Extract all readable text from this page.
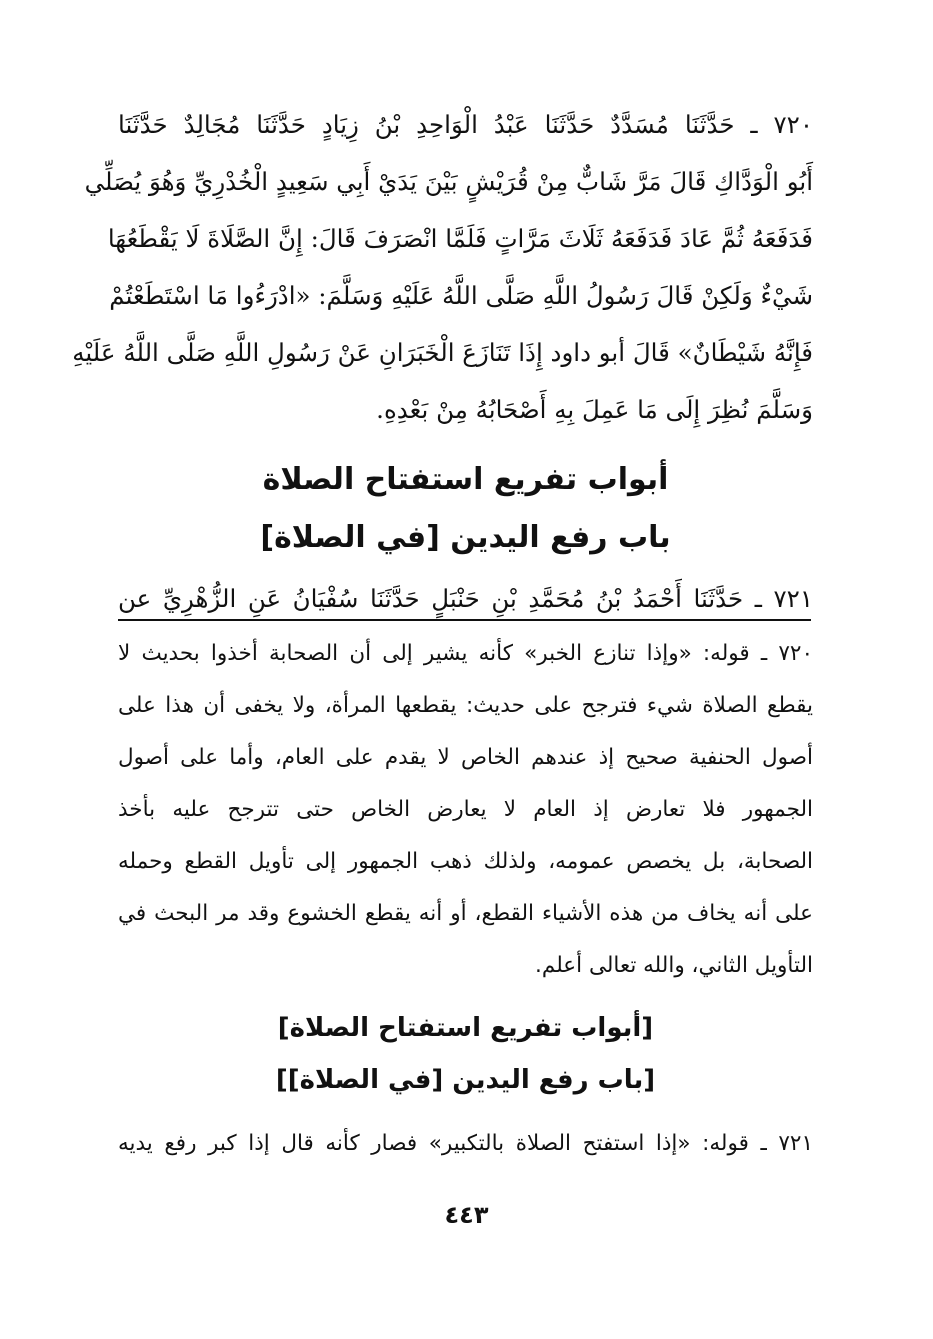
٧٢٠ ـ حَدَّثَنَا مُسَدَّدٌ حَدَّثَنَا عَبْدُ الْوَاحِدِ بْنُ زِيَادٍ حَدَّثَنَا مُجَالِدٌ حَدَّثَنَا
أَبُو الْوَدَّاكِ قَالَ مَرَّ شَابٌّ مِنْ قُرَيْشٍ بَيْنَ يَدَيْ أَبِي سَعِيدٍ الْخُدْرِيِّ وَهُوَ يُصَلِّي
فَدَفَعَهُ ثُمَّ عَادَ فَدَفَعَهُ ثَلَاثَ مَرَّاتٍ فَلَمَّا انْصَرَفَ قَالَ: إِنَّ الصَّلَاةَ لَا يَقْطَعُهَا
شَيْءٌ وَلَكِنْ قَالَ رَسُولُ اللَّهِ صَلَّى اللَّهُ عَلَيْهِ وَسَلَّمَ: «ادْرَءُوا مَا اسْتَطَعْتُمْ
فَإِنَّهُ شَيْطَانٌ» قَالَ أبو داود إِذَا تَنَازَعَ الْخَبَرَانِ عَنْ رَسُولِ اللَّهِ صَلَّى اللَّهُ عَلَيْهِ
وَسَلَّمَ نُظِرَ إِلَى مَا عَمِلَ بِهِ أَصْحَابُهُ مِنْ بَعْدِهِ.
أبواب تفريع استفتاح الصلاة
باب رفع اليدين [في الصلاة]
٧٢١ ـ حَدَّثَنَا أَحْمَدُ بْنُ مُحَمَّدِ بْنِ حَنْبَلٍ حَدَّثَنَا سُفْيَانُ عَنِ الزُّهْرِيِّ عن
٧٢٠ ـ قوله: «وإذا تنازع الخبر» كأنه يشير إلى أن الصحابة أخذوا بحديث لا
يقطع الصلاة شيء فترجح على حديث: يقطعها المرأة، ولا يخفى أن هذا على
أصول الحنفية صحيح إذ عندهم الخاص لا يقدم على العام، وأما على أصول
الجمهور فلا تعارض إذ العام لا يعارض الخاص حتى تترجح عليه بأخذ
الصحابة، بل يخصص عمومه، ولذلك ذهب الجمهور إلى تأويل القطع وحمله
على أنه يخاف من هذه الأشياء القطع، أو أنه يقطع الخشوع وقد مر البحث في
التأويل الثاني، والله تعالى أعلم.
[أبواب تفريع استفتاح الصلاة]
[باب رفع اليدين [في الصلاة]]
٧٢١ ـ قوله: «إذا استفتح الصلاة بالتكبير» فصار كأنه قال إذا كبر رفع يديه
٤٤٣
